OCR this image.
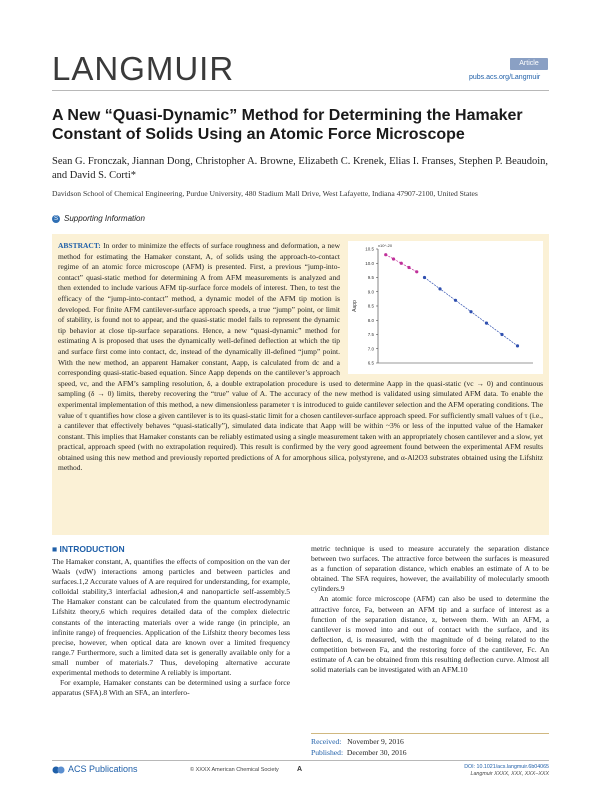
LANGMUIR	Article
pubs.acs.org/Langmuir
A New “Quasi-Dynamic” Method for Determining the Hamaker Constant of Solids Using an Atomic Force Microscope
Sean G. Fronczak, Jiannan Dong, Christopher A. Browne, Elizabeth C. Krenek, Elias I. Franses, Stephen P. Beaudoin, and David S. Corti*
Davidson School of Chemical Engineering, Purdue University, 480 Stadium Mall Drive, West Lafayette, Indiana 47907-2100, United States
S Supporting Information
10.5
10.0
9.5
9.0
8.5
8.0
7.5
7.0
6.5
Aapp
x10^-20
ABSTRACT: In order to minimize the effects of surface roughness and deformation, a new method for estimating the Hamaker constant, A, of solids using the approach-to-contact regime of an atomic force microscope (AFM) is presented. First, a previous “jump-into-contact” quasi-static method for determining A from AFM measurements is analyzed and then extended to include various AFM tip-surface force models of interest. Then, to test the efficacy of the “jump-into-contact” method, a dynamic model of the AFM tip motion is developed. For finite AFM cantilever-surface approach speeds, a true “jump” point, or limit of stability, is found not to appear, and the quasi-static model fails to represent the dynamic tip behavior at close tip-surface separations. Hence, a new “quasi-dynamic” method for estimating A is proposed that uses the dynamically well-defined deflection at which the tip and surface first come into contact, dc, instead of the dynamically ill-defined “jump” point. With the new method, an apparent Hamaker constant, Aapp, is calculated from dc and a corresponding quasi-static-based equation. Since Aapp depends on the cantilever’s approach speed, vc, and the AFM’s sampling resolution, δ, a double extrapolation procedure is used to determine Aapp in the quasi-static (vc → 0) and continuous sampling (δ → 0) limits, thereby recovering the “true” value of A. The accuracy of the new method is validated using simulated AFM data. To enable the experimental implementation of this method, a new dimensionless parameter τ is introduced to guide cantilever selection and the AFM operating conditions. The value of τ quantifies how close a given cantilever is to its quasi-static limit for a chosen cantilever-surface approach speed. For sufficiently small values of τ (i.e., a cantilever that effectively behaves “quasi-statically”), simulated data indicate that Aapp will be within ~3% or less of the inputted value of the Hamaker constant. This implies that Hamaker constants can be reliably estimated using a single measurement taken with an appropriately chosen cantilever and a slow, yet practical, approach speed (with no extrapolation required). This result is confirmed by the very good agreement found between the experimental AFM results obtained using this new method and previously reported predictions of A for amorphous silica, polystyrene, and α-Al2O3 substrates obtained using the Lifshitz method.
■ INTRODUCTION

The Hamaker constant, A, quantifies the effects of composition on the van der Waals (vdW) interactions among particles and between particles and surfaces.1,2 Accurate values of A are required for understanding, for example, colloidal stability,3 interfacial adhesion,4 and nanoparticle self-assembly.5 The Hamaker constant can be calculated from the quantum electrodynamic Lifshitz theory,6 which requires detailed data of the complex dielectric constants of the interacting materials over a wide range (in principle, an infinite range) of frequencies. Application of the Lifshitz theory becomes less precise, however, when optical data are known over a limited frequency range.7 Furthermore, such a limited data set is generally available only for a small number of materials.7 Thus, developing alternative accurate experimental methods to determine A reliably is important.

For example, Hamaker constants can be determined using a surface force apparatus (SFA).8 With an SFA, an interfero-

metric technique is used to measure accurately the separation distance between two surfaces. The attractive force between the surfaces is measured as a function of separation distance, which enables an estimate of A to be obtained. The SFA requires, however, the availability of molecularly smooth cylinders.9

An atomic force microscope (AFM) can also be used to determine the attractive force, Fa, between an AFM tip and a surface of interest as a function of the separation distance, z, between them. With an AFM, a cantilever is moved into and out of contact with the surface, and its deflection, d, is measured, with the magnitude of d being related to the competition between Fa, and the restoring force of the cantilever, Fc. An estimate of A can be obtained from this resulting deflection curve. Almost all solid materials can be investigated with an AFM.10

Received: November 9, 2016
Published: December 30, 2016
ACS Publications	© XXXX American Chemical Society	A	DOI: 10.1021/acs.langmuir.6b04065
Langmuir XXXX, XXX, XXX−XXX
